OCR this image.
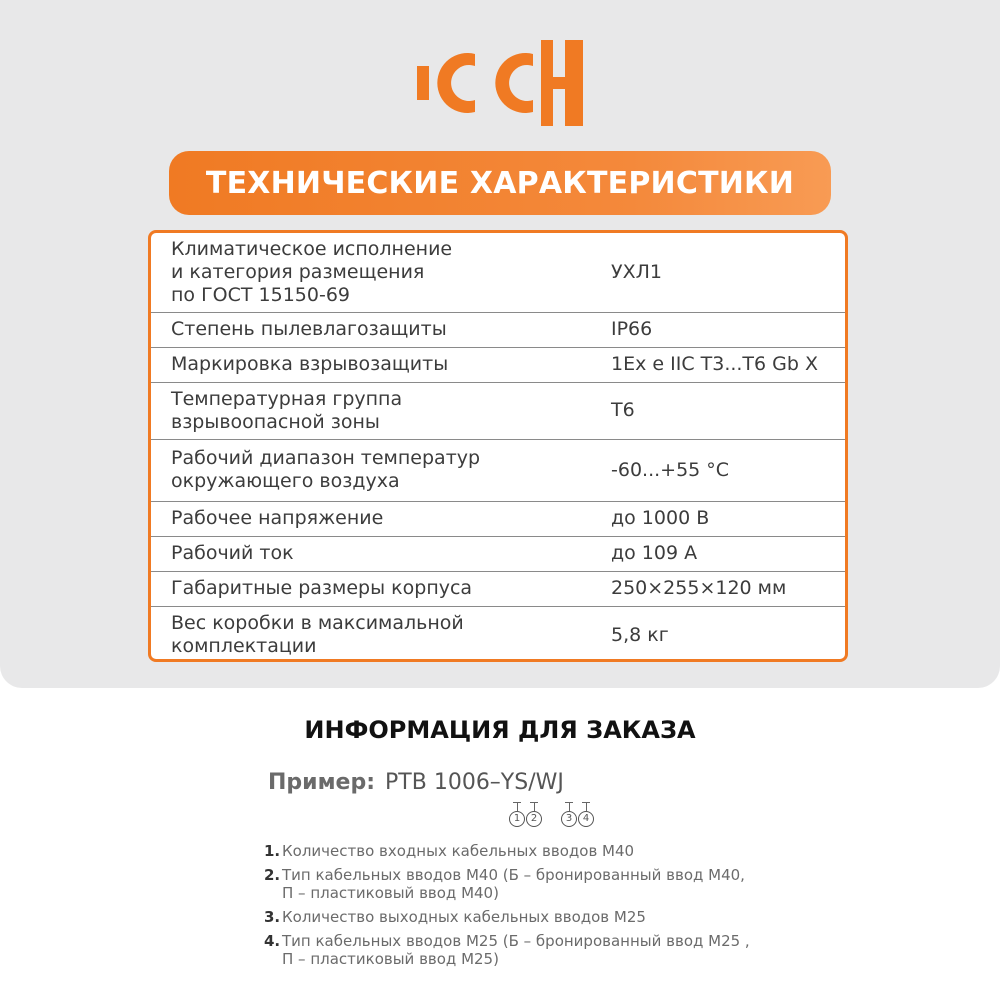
ТЕХНИЧЕСКИЕ ХАРАКТЕРИСТИКИ
Климатическое исполнение
и категория размещения
по ГОСТ 15150-69	УХЛ1
Степень пылевлагозащиты	IP66
Маркировка взрывозащиты	1Ex e IIC T3...T6 Gb X
Температурная группа
взрывоопасной зоны	T6
Рабочий диапазон температур
окружающего воздуха	-60...+55 °C
Рабочее напряжение	до 1000 В
Рабочий ток	до 109 А
Габаритные размеры корпуса	250×255×120 мм
Вес коробки в максимальной
комплектации	5,8 кг
ИНФОРМАЦИЯ ДЛЯ ЗАКАЗА
Пример: PTB 1006–YS/WJ
1	2	3	4
1. Количество входных кабельных вводов М40
2. Тип кабельных вводов М40 (Б – бронированный ввод М40,
П – пластиковый ввод М40)
3. Количество выходных кабельных вводов М25
4. Тип кабельных вводов М25 (Б – бронированный ввод М25 ,
П – пластиковый ввод М25)
